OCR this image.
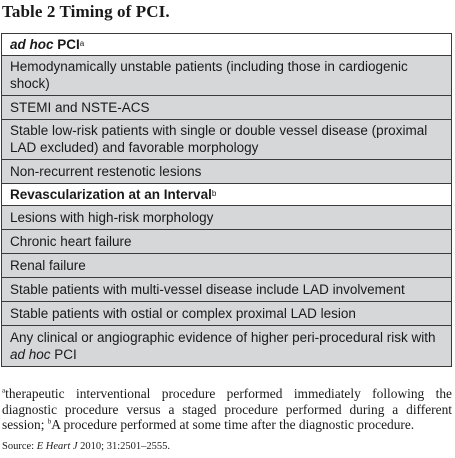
Table 2 Timing of PCI.
ad hoc PCI a
Hemodynamically unstable patients (including those in cardiogenic shock)
STEMI and NSTE-ACS
Stable low-risk patients with single or double vessel disease (proximal LAD excluded) and favorable morphology
Non-recurrent restenotic lesions
Revascularization at an Interval b
Lesions with high-risk morphology
Chronic heart failure
Renal failure
Stable patients with multi-vessel disease include LAD involvement
Stable patients with ostial or complex proximal LAD lesion
Any clinical or angiographic evidence of higher peri-procedural risk with ad hoc PCI
$^a$therapeutic interventional procedure performed immediately following the diagnostic procedure versus a staged procedure performed during a different session; $^b$A procedure performed at some time after the diagnostic procedure.
Source: E Heart J 2010; 31:2501–2555.
